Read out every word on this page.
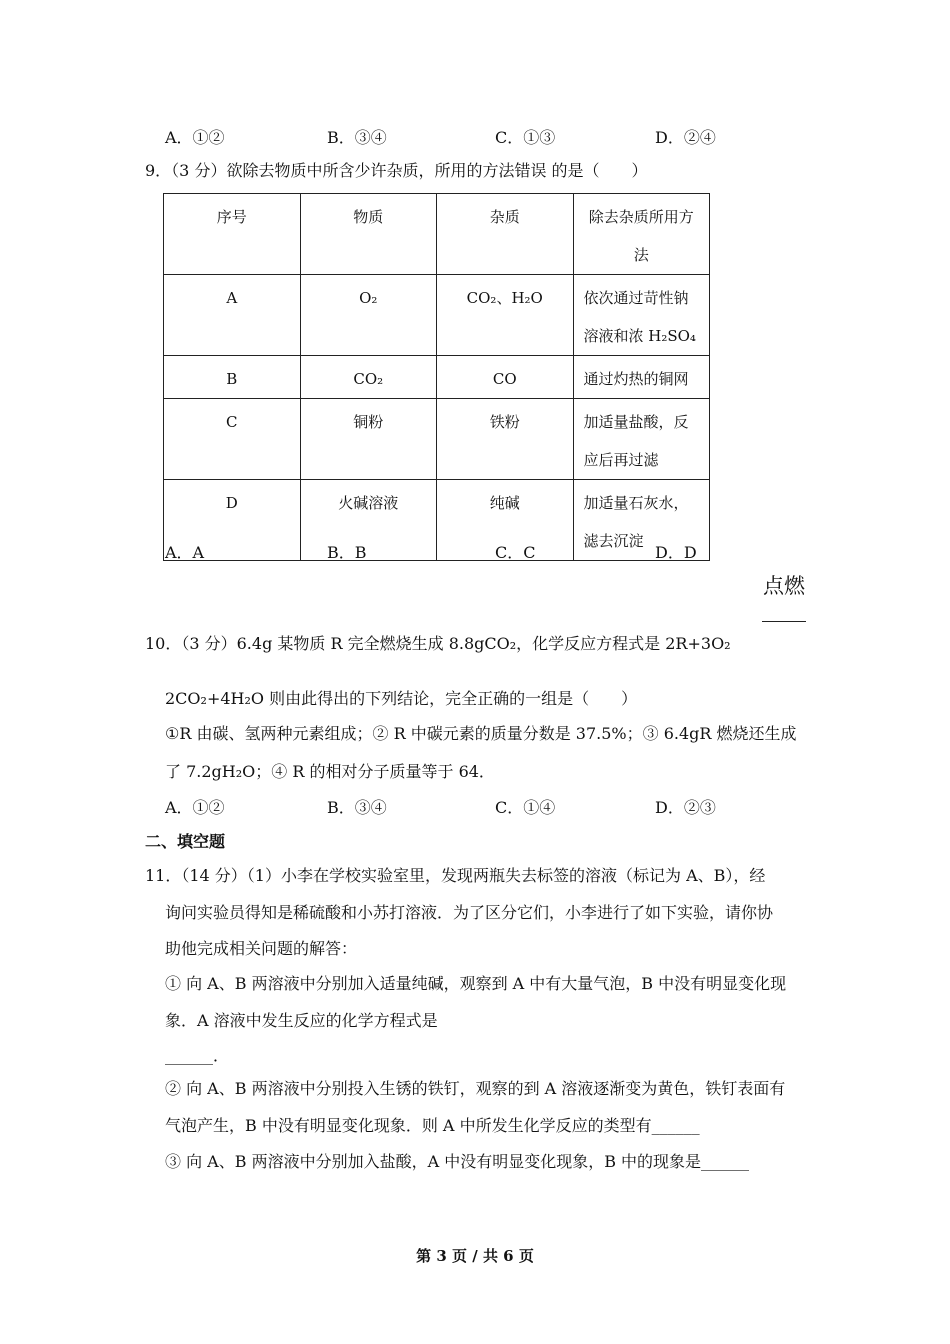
A．①②	B．③④	C．①③	D．②④
9．（3 分）欲除去物质中所含少许杂质，所用的方法错误 的是（　　）
序号	物质	杂质	除去杂质所用方法
A	O₂	CO₂、H₂O	依次通过苛性钠溶液和浓 H₂SO₄
B	CO₂	CO	通过灼热的铜网
C	铜粉	铁粉	加适量盐酸，反应后再过滤
D	火碱溶液	纯碱	加适量石灰水，滤去沉淀
A．A	B．B	C．C	D．D
点燃
10．（3 分）6.4g 某物质 R 完全燃烧生成 8.8gCO₂，化学反应方程式是 2R+3O₂
2CO₂+4H₂O 则由此得出的下列结论，完全正确的一组是（　　）
①R 由碳、氢两种元素组成；② R 中碳元素的质量分数是 37.5%；③ 6.4gR 燃烧还生成
了 7.2gH₂O；④ R 的相对分子质量等于 64．
A．①②	B．③④	C．①④	D．②③
二、填空题
11．（14 分）（1）小李在学校实验室里，发现两瓶失去标签的溶液（标记为 A、B），经
询问实验员得知是稀硫酸和小苏打溶液．为了区分它们，小李进行了如下实验，请你协
助他完成相关问题的解答：
① 向 A、B 两溶液中分别加入适量纯碱，观察到 A 中有大量气泡，B 中没有明显变化现
象．A 溶液中发生反应的化学方程式是
______．
② 向 A、B 两溶液中分别投入生锈的铁钉，观察的到 A 溶液逐渐变为黄色，铁钉表面有
气泡产生，B 中没有明显变化现象．则 A 中所发生化学反应的类型有______
③ 向 A、B 两溶液中分别加入盐酸，A 中没有明显变化现象，B 中的现象是______
第 3 页 / 共 6 页
